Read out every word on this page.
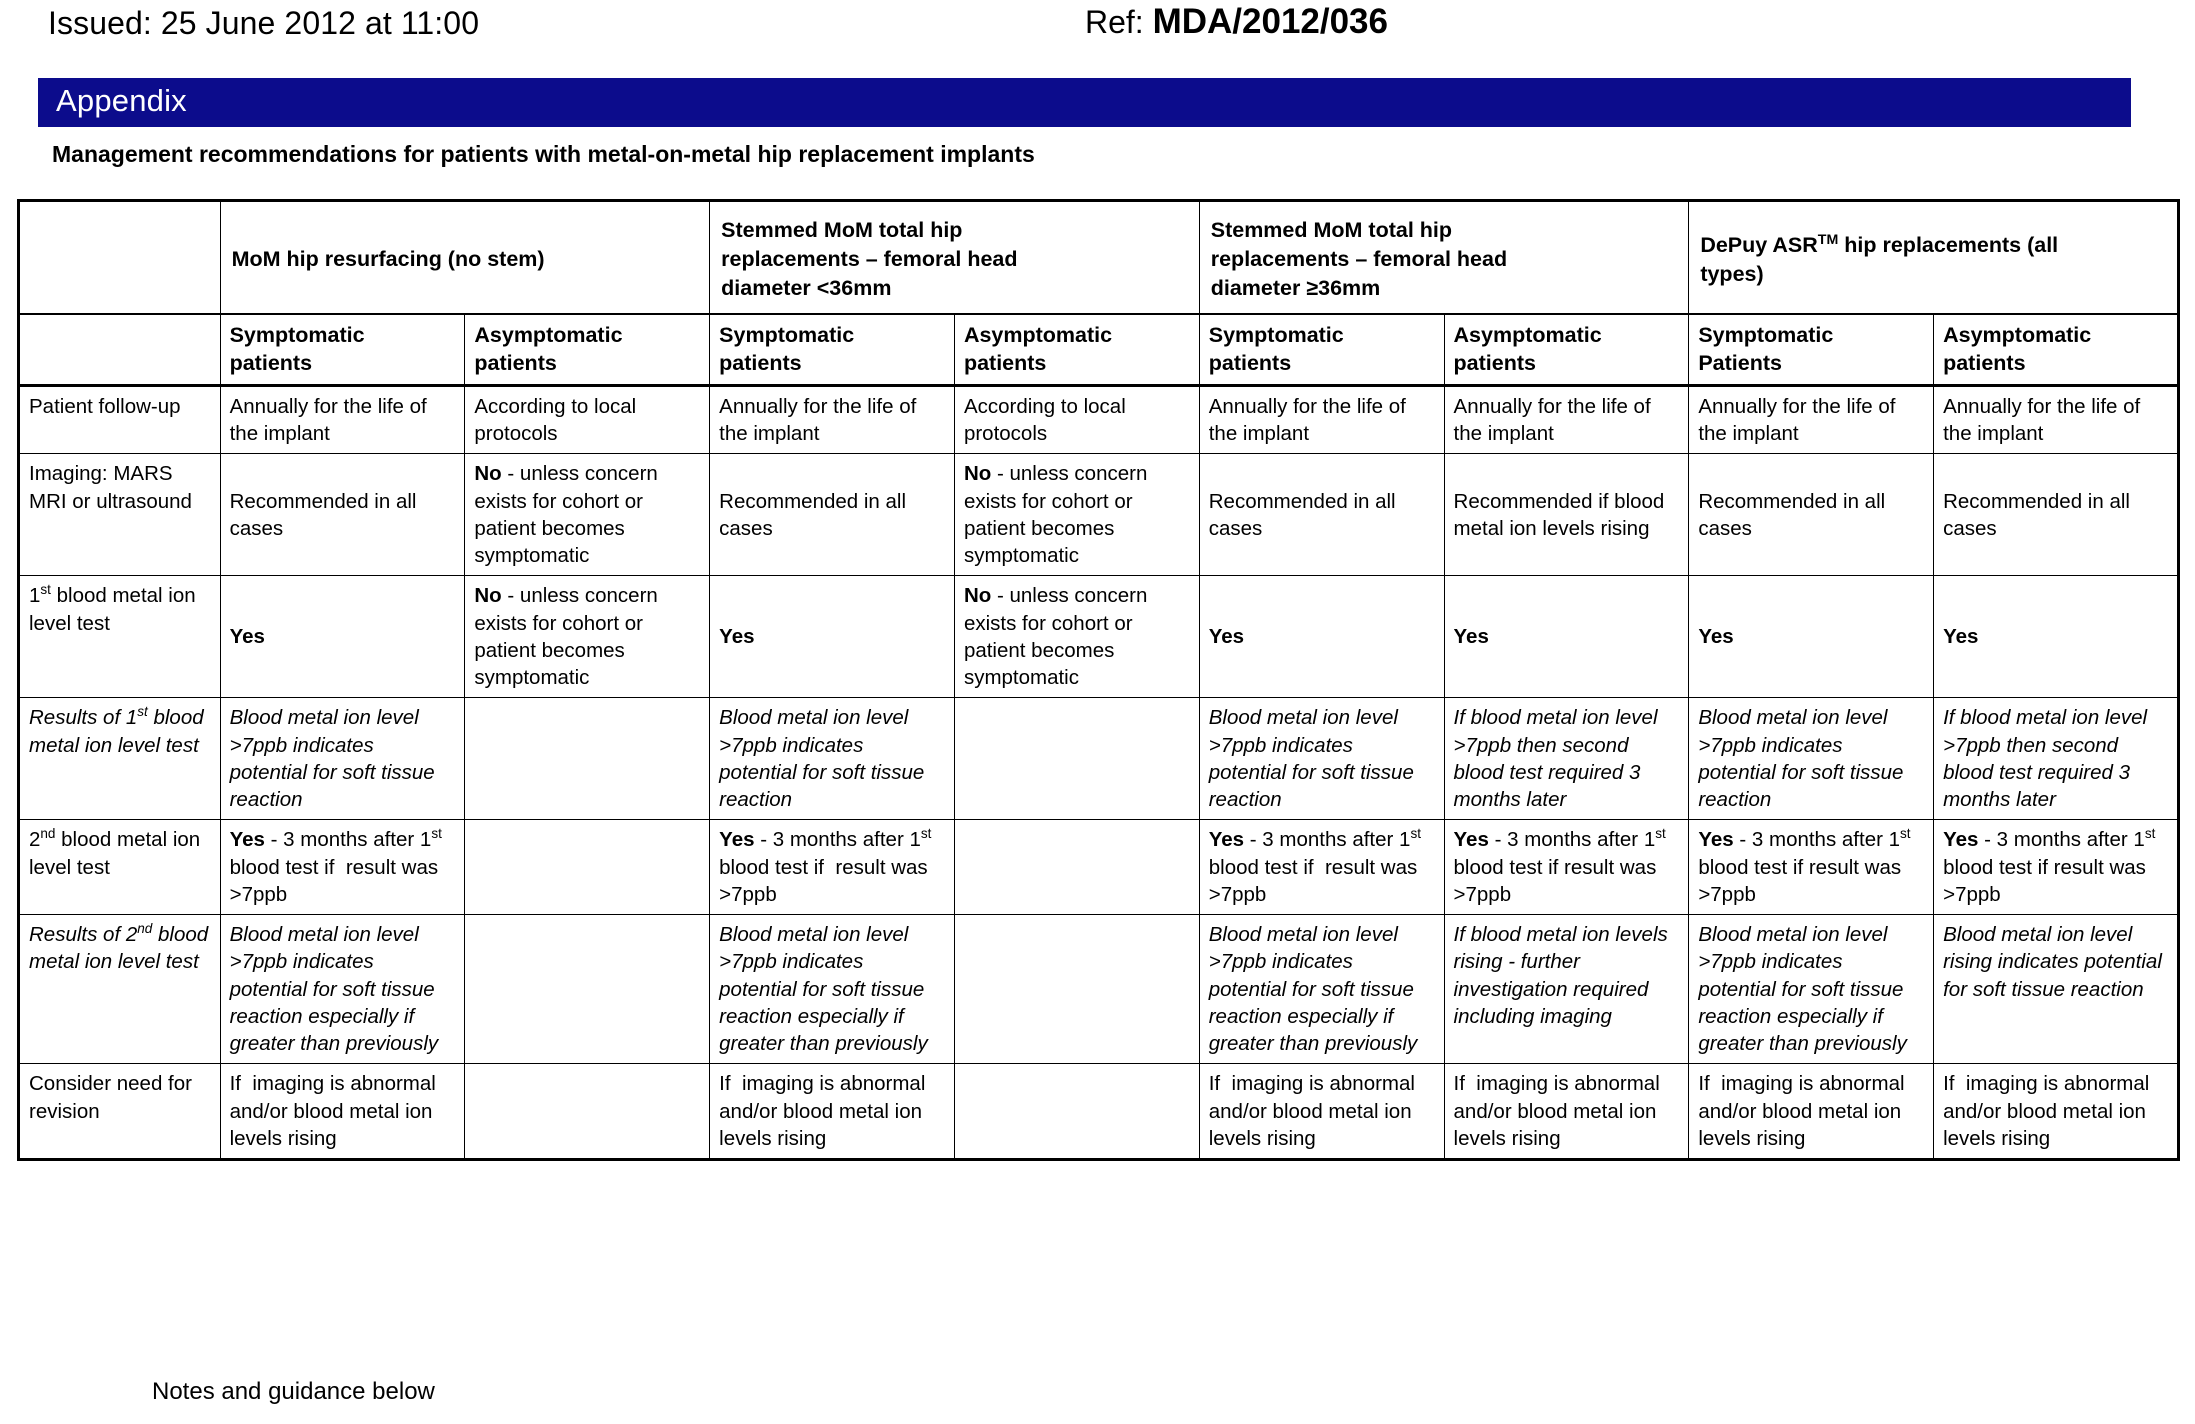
Issued: 25 June 2012 at 11:00	Ref: MDA/2012/036
Appendix
Management recommendations for patients with metal-on-metal hip replacement implants
	MoM hip resurfacing (no stem)		Stemmed MoM total hip
replacements – femoral head
diameter <36mm		Stemmed MoM total hip
replacements – femoral head
diameter ≥36mm		DePuy ASR™ hip replacements (all
types)	

	Symptomatic
patients	Asymptomatic
patients	Symptomatic
patients	Asymptomatic
patients	Symptomatic
patients	Asymptomatic
patients	Symptomatic
Patients	Asymptomatic
patients
Patient follow-up	Annually for the life of the implant	According to local protocols	Annually for the life of the implant	According to local protocols	Annually for the life of the implant	Annually for the life of the implant	Annually for the life of the implant	Annually for the life of the implant
Imaging: MARS MRI or ultrasound	Recommended in all cases	No - unless concern exists for cohort or patient becomes symptomatic	Recommended in all cases	No - unless concern exists for cohort or patient becomes symptomatic	Recommended in all cases	Recommended if blood metal ion levels rising	Recommended in all cases	Recommended in all cases
1st blood metal ion level test	Yes	No - unless concern exists for cohort or patient becomes symptomatic	Yes	No - unless concern exists for cohort or patient becomes symptomatic	Yes	Yes	Yes	Yes
Results of 1st blood metal ion level test	Blood metal ion level >7ppb indicates potential for soft tissue reaction		Blood metal ion level >7ppb indicates potential for soft tissue reaction		Blood metal ion level >7ppb indicates potential for soft tissue reaction	If blood metal ion level >7ppb then second blood test required 3 months later	Blood metal ion level >7ppb indicates potential for soft tissue reaction	If blood metal ion level >7ppb then second blood test required 3 months later
2nd blood metal ion level test	Yes - 3 months after 1st blood test if  result was >7ppb		Yes - 3 months after 1st blood test if  result was >7ppb		Yes - 3 months after 1st blood test if  result was >7ppb	Yes - 3 months after 1st blood test if result was >7ppb	Yes - 3 months after 1st blood test if result was >7ppb	Yes - 3 months after 1st blood test if result was >7ppb
Results of 2nd blood metal ion level test	Blood metal ion level >7ppb indicates potential for soft tissue reaction especially if greater than previously		Blood metal ion level >7ppb indicates potential for soft tissue reaction especially if greater than previously		Blood metal ion level >7ppb indicates potential for soft tissue reaction especially if greater than previously	If blood metal ion levels rising - further investigation required including imaging	Blood metal ion level >7ppb indicates potential for soft tissue reaction especially if greater than previously	Blood metal ion level rising indicates potential for soft tissue reaction
Consider need for revision	If  imaging is abnormal and/or blood metal ion levels rising		If  imaging is abnormal and/or blood metal ion levels rising		If  imaging is abnormal and/or blood metal ion levels rising	If  imaging is abnormal and/or blood metal ion levels rising	If  imaging is abnormal and/or blood metal ion levels rising	If  imaging is abnormal and/or blood metal ion levels rising
Notes and guidance below
